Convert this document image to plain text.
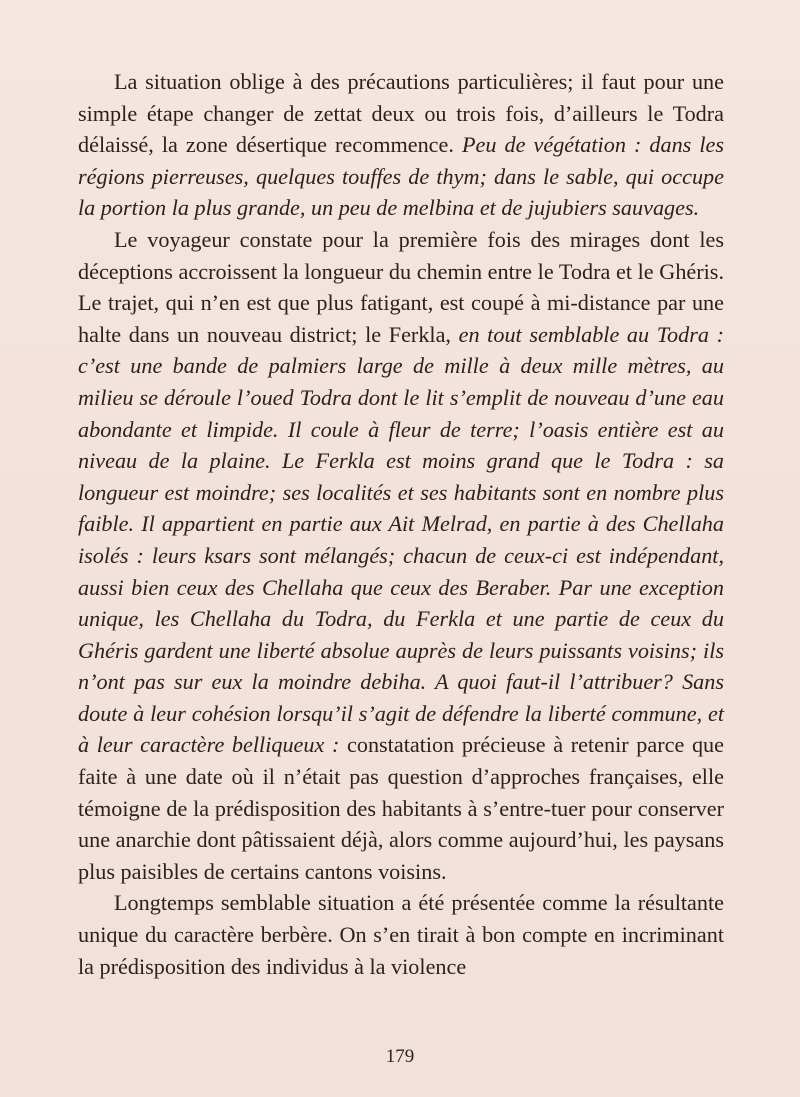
La situation oblige à des précautions particulières; il faut pour une simple étape changer de zettat deux ou trois fois, d’ailleurs le Todra délaissé, la zone désertique recommence. Peu de végétation : dans les régions pierreuses, quelques touffes de thym; dans le sable, qui occupe la portion la plus grande, un peu de melbina et de jujubiers sauvages.

Le voyageur constate pour la première fois des mirages dont les déceptions accroissent la longueur du chemin entre le Todra et le Ghéris. Le trajet, qui n’en est que plus fatigant, est coupé à mi-distance par une halte dans un nouveau district; le Ferkla, en tout semblable au Todra : c’est une bande de palmiers large de mille à deux mille mètres, au milieu se déroule l’oued Todra dont le lit s’emplit de nouveau d’une eau abondante et limpide. Il coule à fleur de terre; l’oasis entière est au niveau de la plaine. Le Ferkla est moins grand que le Todra : sa longueur est moindre; ses localités et ses habitants sont en nombre plus faible. Il appartient en partie aux Ait Melrad, en partie à des Chellaha isolés : leurs ksars sont mélangés; chacun de ceux-ci est indépendant, aussi bien ceux des Chellaha que ceux des Beraber. Par une exception unique, les Chellaha du Todra, du Ferkla et une partie de ceux du Ghéris gardent une liberté absolue auprès de leurs puissants voisins; ils n’ont pas sur eux la moindre debiha. A quoi faut-il l’attribuer? Sans doute à leur cohésion lorsqu’il s’agit de défendre la liberté commune, et à leur caractère belliqueux : constatation précieuse à retenir parce que faite à une date où il n’était pas question d’approches françaises, elle témoigne de la prédisposition des habitants à s’entre-tuer pour conserver une anarchie dont pâtissaient déjà, alors comme aujourd’hui, les paysans plus paisibles de certains cantons voisins.

Longtemps semblable situation a été présentée comme la résultante unique du caractère berbère. On s’en tirait à bon compte en incriminant la prédisposition des individus à la violence

179
